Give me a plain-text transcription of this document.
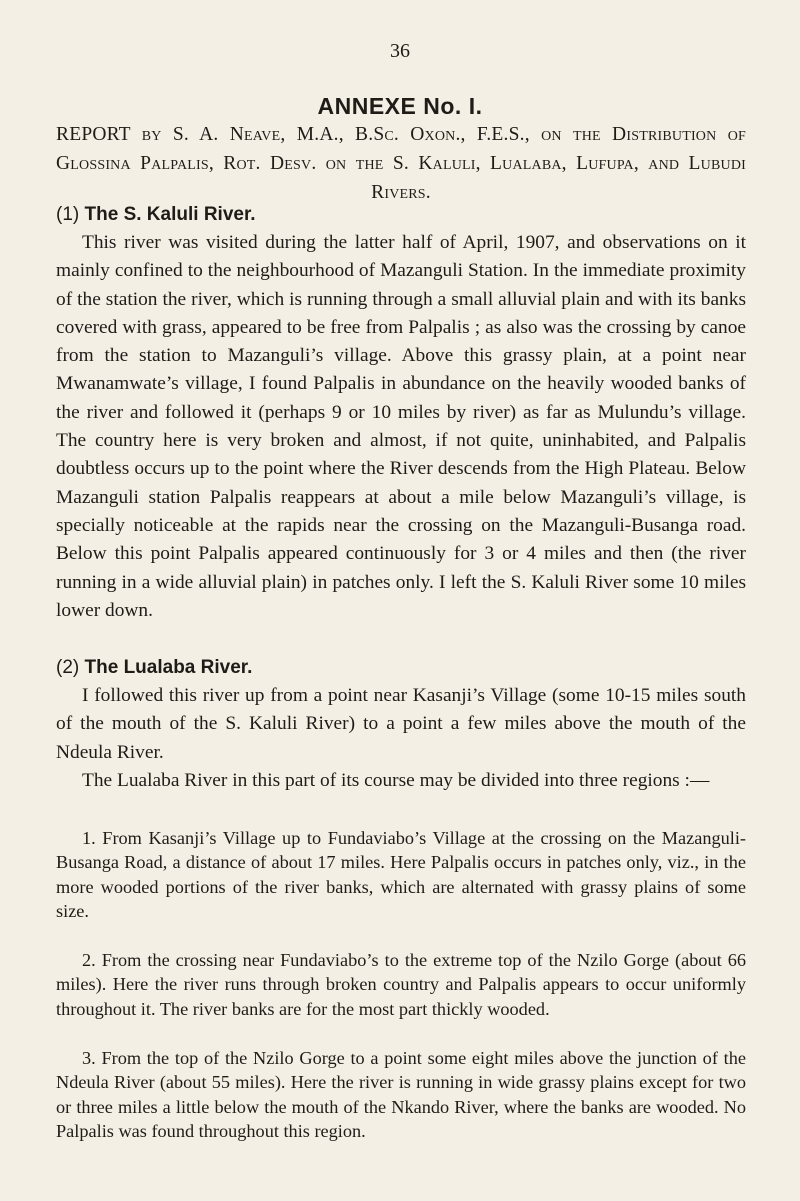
36
ANNEXE No. I.
REPORT by S. A. Neave, M.A., B.Sc. Oxon., F.E.S., on the Distribution of Glossina Palpalis, Rot. Desv. on the S. Kaluli, Lualaba, Lufupa, and Lubudi Rivers.
(1) The S. Kaluli River.

This river was visited during the latter half of April, 1907, and observations on it mainly confined to the neighbourhood of Mazanguli Station. In the immediate proximity of the station the river, which is running through a small alluvial plain and with its banks covered with grass, appeared to be free from Palpalis ; as also was the crossing by canoe from the station to Mazanguli’s village. Above this grassy plain, at a point near Mwanamwate’s village, I found Palpalis in abundance on the heavily wooded banks of the river and followed it (perhaps 9 or 10 miles by river) as far as Mulundu’s village. The country here is very broken and almost, if not quite, uninhabited, and Palpalis doubtless occurs up to the point where the River descends from the High Plateau. Below Mazanguli station Palpalis reappears at about a mile below Mazanguli’s village, is specially noticeable at the rapids near the crossing on the Mazanguli-Busanga road. Below this point Palpalis appeared continuously for 3 or 4 miles and then (the river running in a wide alluvial plain) in patches only. I left the S. Kaluli River some 10 miles lower down.

(2) The Lualaba River.

I followed this river up from a point near Kasanji’s Village (some 10-15 miles south of the mouth of the S. Kaluli River) to a point a few miles above the mouth of the Ndeula River.

The Lualaba River in this part of its course may be divided into three regions :—

1. From Kasanji’s Village up to Fundaviabo’s Village at the crossing on the Mazanguli-Busanga Road, a distance of about 17 miles. Here Palpalis occurs in patches only, viz., in the more wooded portions of the river banks, which are alternated with grassy plains of some size.

2. From the crossing near Fundaviabo’s to the extreme top of the Nzilo Gorge (about 66 miles). Here the river runs through broken country and Palpalis appears to occur uniformly throughout it. The river banks are for the most part thickly wooded.

3. From the top of the Nzilo Gorge to a point some eight miles above the junction of the Ndeula River (about 55 miles). Here the river is running in wide grassy plains except for two or three miles a little below the mouth of the Nkando River, where the banks are wooded. No Palpalis was found throughout this region.
